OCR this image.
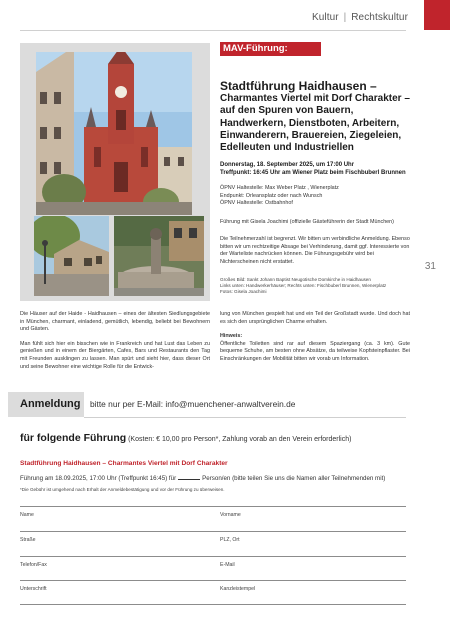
Kultur | Rechtskultur
31
MAV-Führung:
Stadtführung Haidhausen –
Charmantes Viertel mit Dorf Charakter – auf den Spuren von Bauern, Handwerkern, Dienstboten, Arbeitern, Einwanderern, Brauereien, Ziegeleien, Edelleuten und Industriellen
Donnerstag, 18. September 2025, um 17:00 Uhr
Treffpunkt: 16:45 Uhr am Wiener Platz beim Fischbuberl Brunnen
ÖPNV Haltestelle: Max Weber Platz , Wienerplatz
Endpunkt: Orleansplatz oder nach Wunsch
ÖPNV Haltestelle: Ostbahnhof
Führung mit Gisela Joachimi (offizielle Gästeführerin der Stadt München)
Die Teilnehmerzahl ist begrenzt. Wir bitten um verbindliche Anmeldung. Ebenso bitten wir um rechtzeitige Absage bei Verhinderung, damit ggf. Interessierte von der Warteliste nachrücken können. Die Führungsgebühr wird bei Nichterscheinen nicht erstattet.
Großes Bild: Sankt Johann Baptist Neugotische Domkirche in Haidhausen
Links unten: Handwerkerhäuser; Rechts unten: Fischbuberl Brunnen, Wienerplatz
Fotos: Gisela Joachimi

Die Häuser auf der Haide - Haidhausen – eines der ältesten Siedlungsgebiete in München, charmant, einladend, gemütlich, lebendig, beliebt bei Bewohnern und Gästen.

Man fühlt sich hier ein bisschen wie in Frankreich und hat Lust das Leben zu genießen und in einem der Biergärten, Cafes, Bars und Restaurants den Tag mit Freunden ausklingen zu lassen. Man spürt und sieht hier, dass dieser Ort und seine Bewohner eine wichtige Rolle für die Entwick-

lung von München gespielt hat und ein Teil der Großstadt wurde. Und doch hat es sich den ursprünglichen Charme erhalten.

Hinweis:
Öffentliche Toiletten sind rar auf diesem Spaziergang (ca. 3 km). Gute bequeme Schuhe, am besten ohne Absätze, da teilweise Kopfsteinpflaster. Bei Einschränkungen der Mobilität bitten wir vorab um Information.

Anmeldung bitte nur per E-Mail: info@muenchener-anwaltverein.de
für folgende Führung (Kosten: € 10,00 pro Person*, Zahlung vorab an den Verein erforderlich)
Stadtführung Haidhausen – Charmantes Viertel mit Dorf Charakter
Führung am 18.09.2025, 17:00 Uhr (Treffpunkt 16:45) für	Person/en (bitte teilen Sie uns die Namen aller Teilnehmenden mit)
*Die Gebühr ist umgehend nach Erhalt der Anmeldebestätigung und vor der Führung zu überweisen.
Name	Vorname
Straße	PLZ, Ort
Telefon/Fax	E-Mail
Unterschrift	Kanzleistempel
